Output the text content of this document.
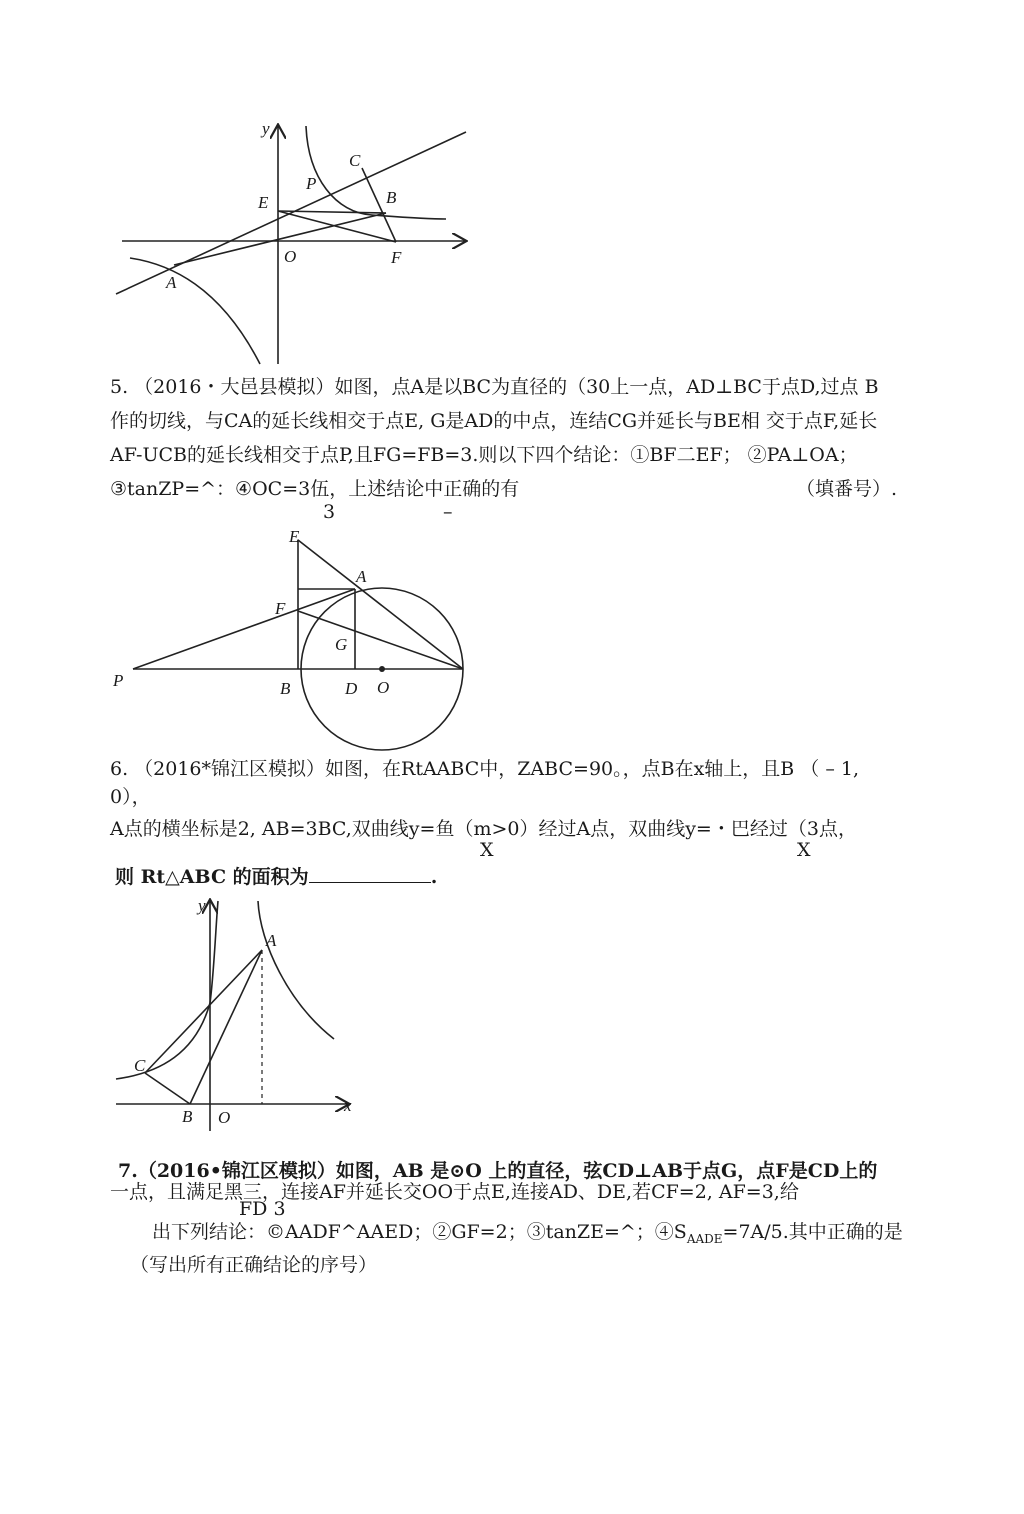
y
C
P
E	B
O	F
A
5. （2016・大邑县模拟）如图，点A是以BC为直径的（30上一点，AD⊥BC于点D,过点 B
作的切线，与CA的延长线相交于点E, G是AD的中点，连结CG并延长与BE相 交于点F,延长
AF-UCB的延长线相交于点P,且FG=FB=3.则以下四个结论：①BF二EF； ②PA⊥OA；
③tanZP=^：④OC=3伍，上述结论中正确的有	（填番号）.
3	–
E
A
F
G
P	B	D O
6. （2016*锦江区模拟）如图，在RtAABC中，ZABC=90。，点B在x轴上，且B （ – 1,
0），
A点的横坐标是2, AB=3BC,双曲线y=鱼（m>0）经过A点，双曲线y=・巴经过（3点，
X	X
则 Rt△ABC 的面积为	.
y
A
C
B O
x
7.（2016•锦江区模拟）如图，AB 是⊙O 上的直径，弦CD⊥AB于点G，点F是CD上的
一点，且满足黑三，连接AF并延长交OO于点E,连接AD、DE,若CF=2, AF=3,给
FD 3
出下列结论：©AADF^AAED；②GF=2；③tanZE=^；$④S_{AADE}=7A/5$.其中正确的是
（写出所有正确结论的序号）
